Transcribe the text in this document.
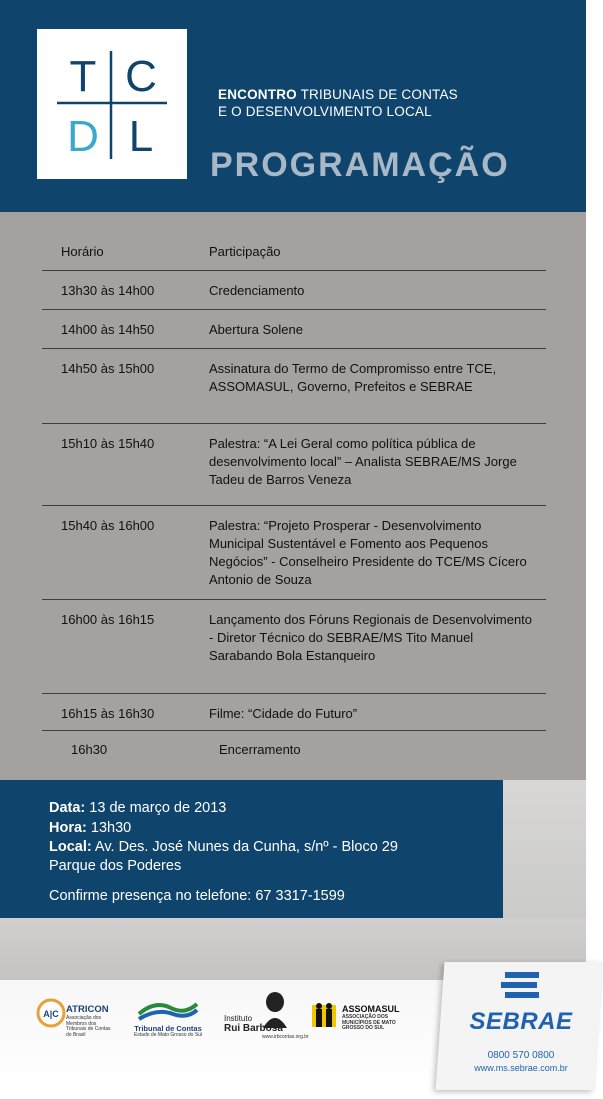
T C
D L
ENCONTRO TRIBUNAIS DE CONTAS
E O DESENVOLVIMENTO LOCAL
PROGRAMAÇÃO
Horário	Participação
13h30 às 14h00	Credenciamento
14h00 às 14h50	Abertura Solene
14h50 às 15h00	Assinatura do Termo de Compromisso entre TCE, ASSOMASUL, Governo, Prefeitos e SEBRAE
15h10 às 15h40	Palestra: “A Lei Geral como política pública de desenvolvimento local” – Analista SEBRAE/MS Jorge Tadeu de Barros Veneza
15h40 às 16h00	Palestra: “Projeto Prosperar - Desenvolvimento Municipal Sustentável e Fomento aos Pequenos Negócios” - Conselheiro Presidente do TCE/MS Cícero Antonio de Souza
16h00 às 16h15	Lançamento dos Fóruns Regionais de Desenvolvimento - Diretor Técnico do SEBRAE/MS Tito Manuel Sarabando Bola Estanqueiro
16h15 às 16h30	Filme: “Cidade do Futuro”
16h30	Encerramento
Data: 13 de março de 2013
Hora: 13h30
Local: Av. Des. José Nunes da Cunha, s/nº - Bloco 29
Parque dos Poderes
Confirme presença no telefone: 67 3317-1599
A|C ATRICON
Associação dos Membros dos Tribunais de Contas do Brasil
Tribunal de Contas
Estado de Mato Grosso do Sul
Instituto
Rui Barbosa
www.irbcontas.org.br
ASSOMASUL
ASSOCIAÇÃO DOS MUNICÍPIOS DE MATO GROSSO DO SUL	SEBRAE
0800 570 0800
www.ms.sebrae.com.br
